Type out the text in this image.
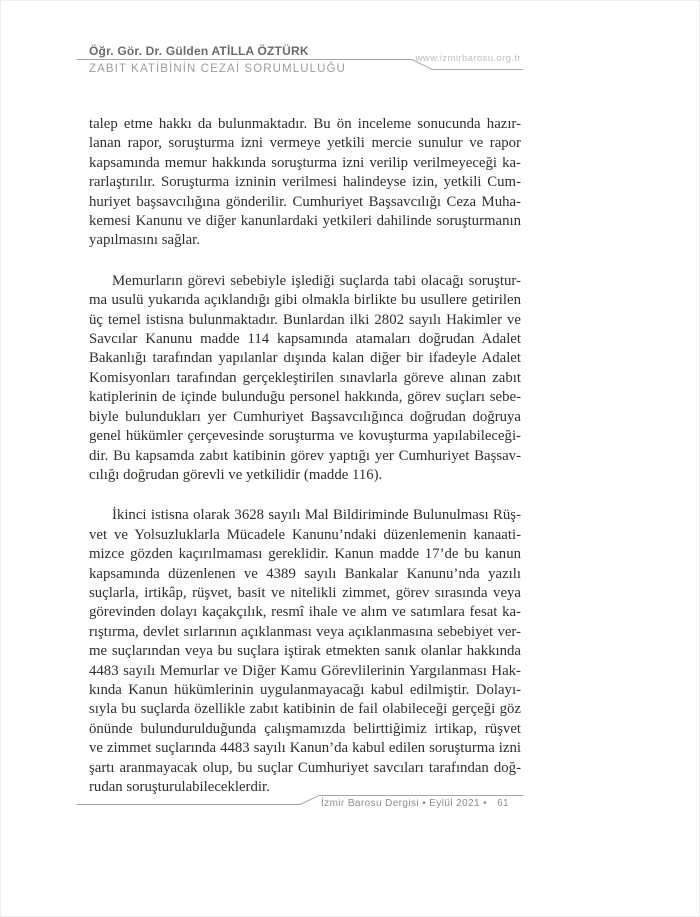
Öğr. Gör. Dr. Gülden ATİLLA ÖZTÜRK
ZABIT KATİBİNİN CEZAİ SORUMLULUĞU
www.izmirbarosu.org.tr
talep etme hakkı da bulunmaktadır. Bu ön inceleme sonucunda hazır-
lanan rapor, soruşturma izni vermeye yetkili mercie sunulur ve rapor
kapsamında memur hakkında soruşturma izni verilip verilmeyeceği ka-
rarlaştırılır. Soruşturma izninin verilmesi halindeyse izin, yetkili Cum-
huriyet başsavcılığına gönderilir. Cumhuriyet Başsavcılığı Ceza Muha-
kemesi Kanunu ve diğer kanunlardaki yetkileri dahilinde soruşturmanın
yapılmasını sağlar.
Memurların görevi sebebiyle işlediği suçlarda tabi olacağı soruştur-
ma usulü yukarıda açıklandığı gibi olmakla birlikte bu usullere getirilen
üç temel istisna bulunmaktadır. Bunlardan ilki 2802 sayılı Hakimler ve
Savcılar Kanunu madde 114 kapsamında atamaları doğrudan Adalet
Bakanlığı tarafından yapılanlar dışında kalan diğer bir ifadeyle Adalet
Komisyonları tarafından gerçekleştirilen sınavlarla göreve alınan zabıt
katiplerinin de içinde bulunduğu personel hakkında, görev suçları sebe-
biyle bulundukları yer Cumhuriyet Başsavcılığınca doğrudan doğruya
genel hükümler çerçevesinde soruşturma ve kovuşturma yapılabileceği-
dir. Bu kapsamda zabıt katibinin görev yaptığı yer Cumhuriyet Başsav-
cılığı doğrudan görevli ve yetkilidir (madde 116).
İkinci istisna olarak 3628 sayılı Mal Bildiriminde Bulunulması Rüş-
vet ve Yolsuzluklarla Mücadele Kanunu’ndaki düzenlemenin kanaati-
mizce gözden kaçırılmaması gereklidir. Kanun madde 17’de bu kanun
kapsamında düzenlenen ve 4389 sayılı Bankalar Kanunu’nda yazılı
suçlarla, irtikâp, rüşvet, basit ve nitelikli zimmet, görev sırasında veya
görevinden dolayı kaçakçılık, resmî ihale ve alım ve satımlara fesat ka-
rıştırma, devlet sırlarının açıklanması veya açıklanmasına sebebiyet ver-
me suçlarından veya bu suçlara iştirak etmekten sanık olanlar hakkında
4483 sayılı Memurlar ve Diğer Kamu Görevlilerinin Yargılanması Hak-
kında Kanun hükümlerinin uygulanmayacağı kabul edilmiştir. Dolayı-
sıyla bu suçlarda özellikle zabıt katibinin de fail olabileceği gerçeği göz
önünde bulundurulduğunda çalışmamızda belirttiğimiz irtikap, rüşvet
ve zimmet suçlarında 4483 sayılı Kanun’da kabul edilen soruşturma izni
şartı aranmayacak olup, bu suçlar Cumhuriyet savcıları tarafından doğ-
rudan soruşturulabileceklerdir.
İzmir Barosu Dergisi • Eylül 2021 • 61
